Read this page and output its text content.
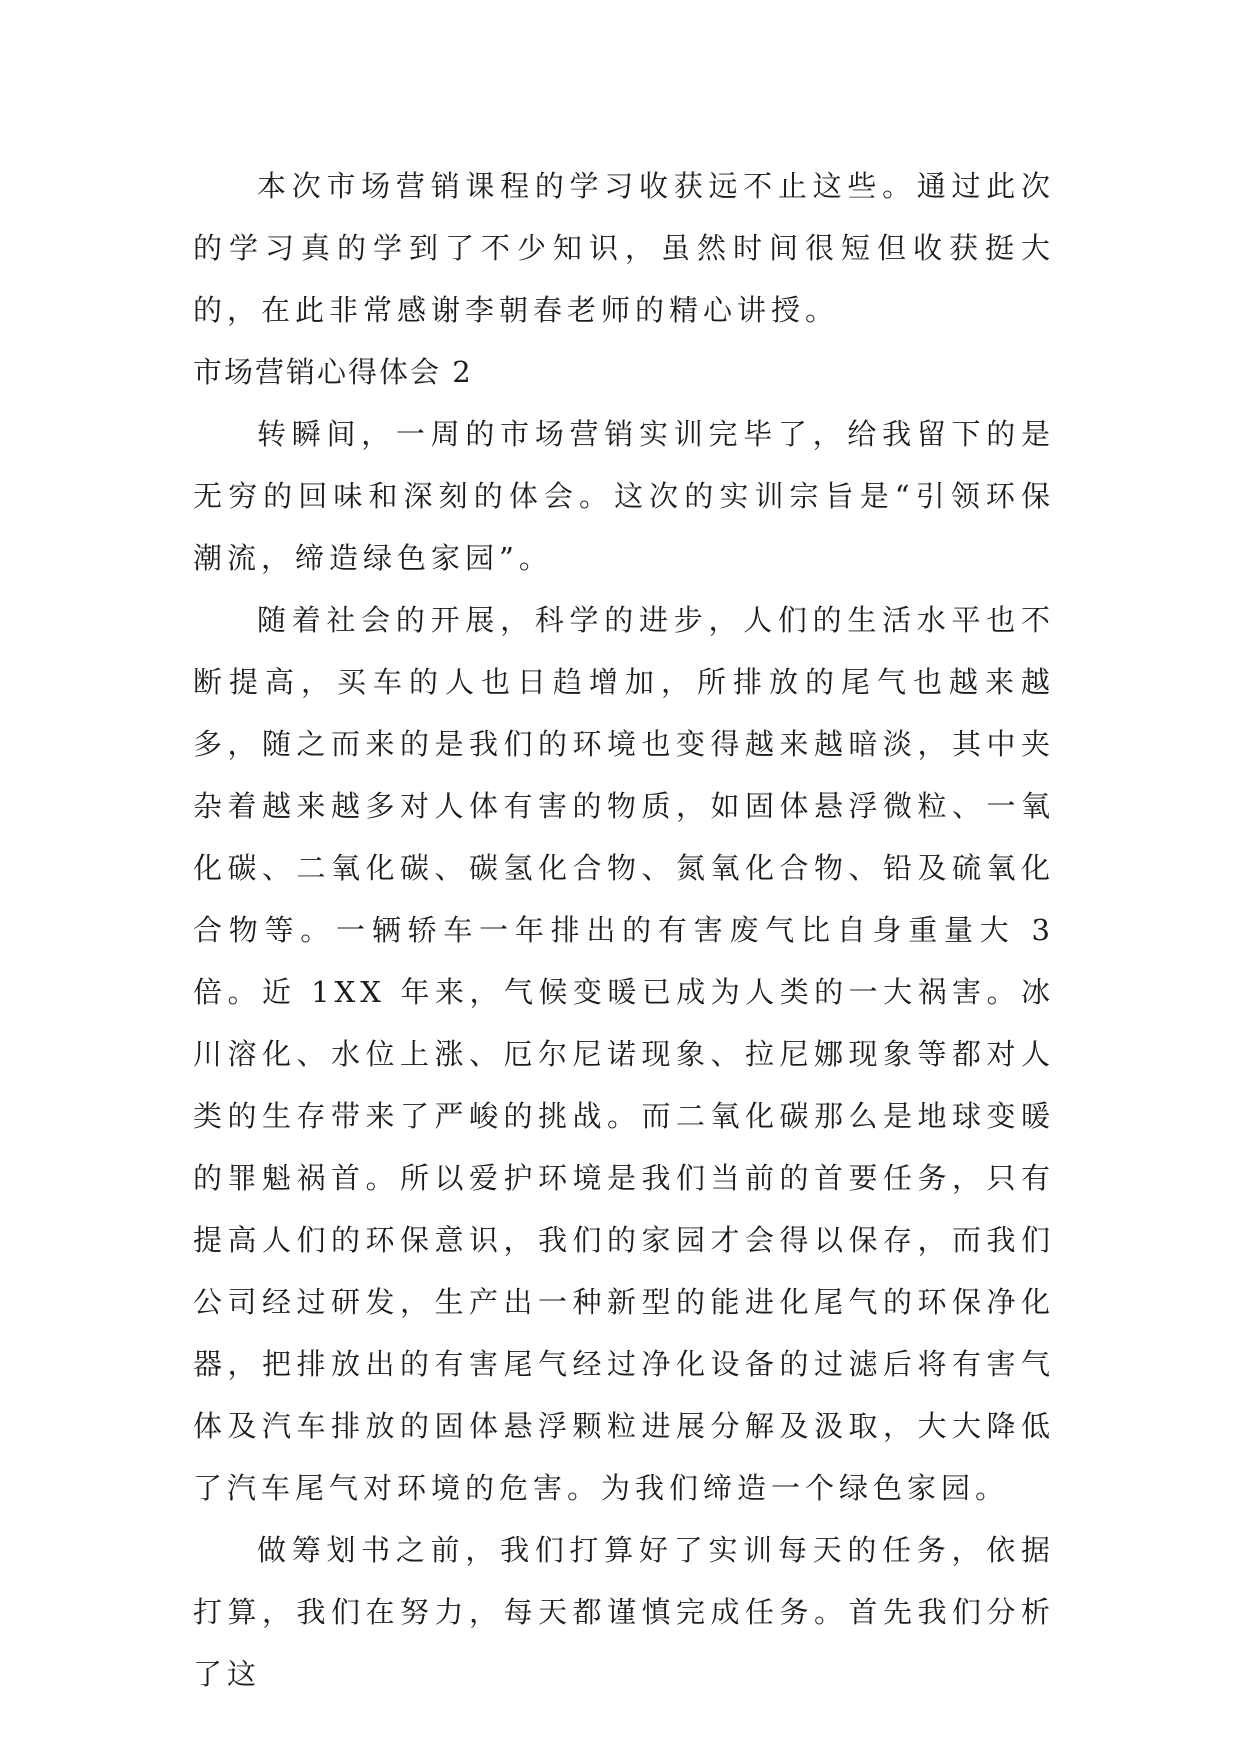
本次市场营销课程的学习收获远不止这些。通过此次的学习真的学到了不少知识，虽然时间很短但收获挺大的，在此非常感谢李朝春老师的精心讲授。

市场营销心得体会 2

转瞬间，一周的市场营销实训完毕了，给我留下的是无穷的回味和深刻的体会。这次的实训宗旨是“引领环保潮流，缔造绿色家园”。

随着社会的开展，科学的进步，人们的生活水平也不断提高，买车的人也日趋增加，所排放的尾气也越来越多，随之而来的是我们的环境也变得越来越暗淡，其中夹杂着越来越多对人体有害的物质，如固体悬浮微粒、一氧化碳、二氧化碳、碳氢化合物、氮氧化合物、铅及硫氧化合物等。一辆轿车一年排出的有害废气比自身重量大 3 倍。近 1XX 年来，气候变暖已成为人类的一大祸害。冰川溶化、水位上涨、厄尔尼诺现象、拉尼娜现象等都对人类的生存带来了严峻的挑战。而二氧化碳那么是地球变暖的罪魁祸首。所以爱护环境是我们当前的首要任务，只有提高人们的环保意识，我们的家园才会得以保存，而我们公司经过研发，生产出一种新型的能进化尾气的环保净化器，把排放出的有害尾气经过净化设备的过滤后将有害气体及汽车排放的固体悬浮颗粒进展分解及汲取，大大降低了汽车尾气对环境的危害。为我们缔造一个绿色家园。

做筹划书之前，我们打算好了实训每天的任务，依据打算，我们在努力，每天都谨慎完成任务。首先我们分析了这
